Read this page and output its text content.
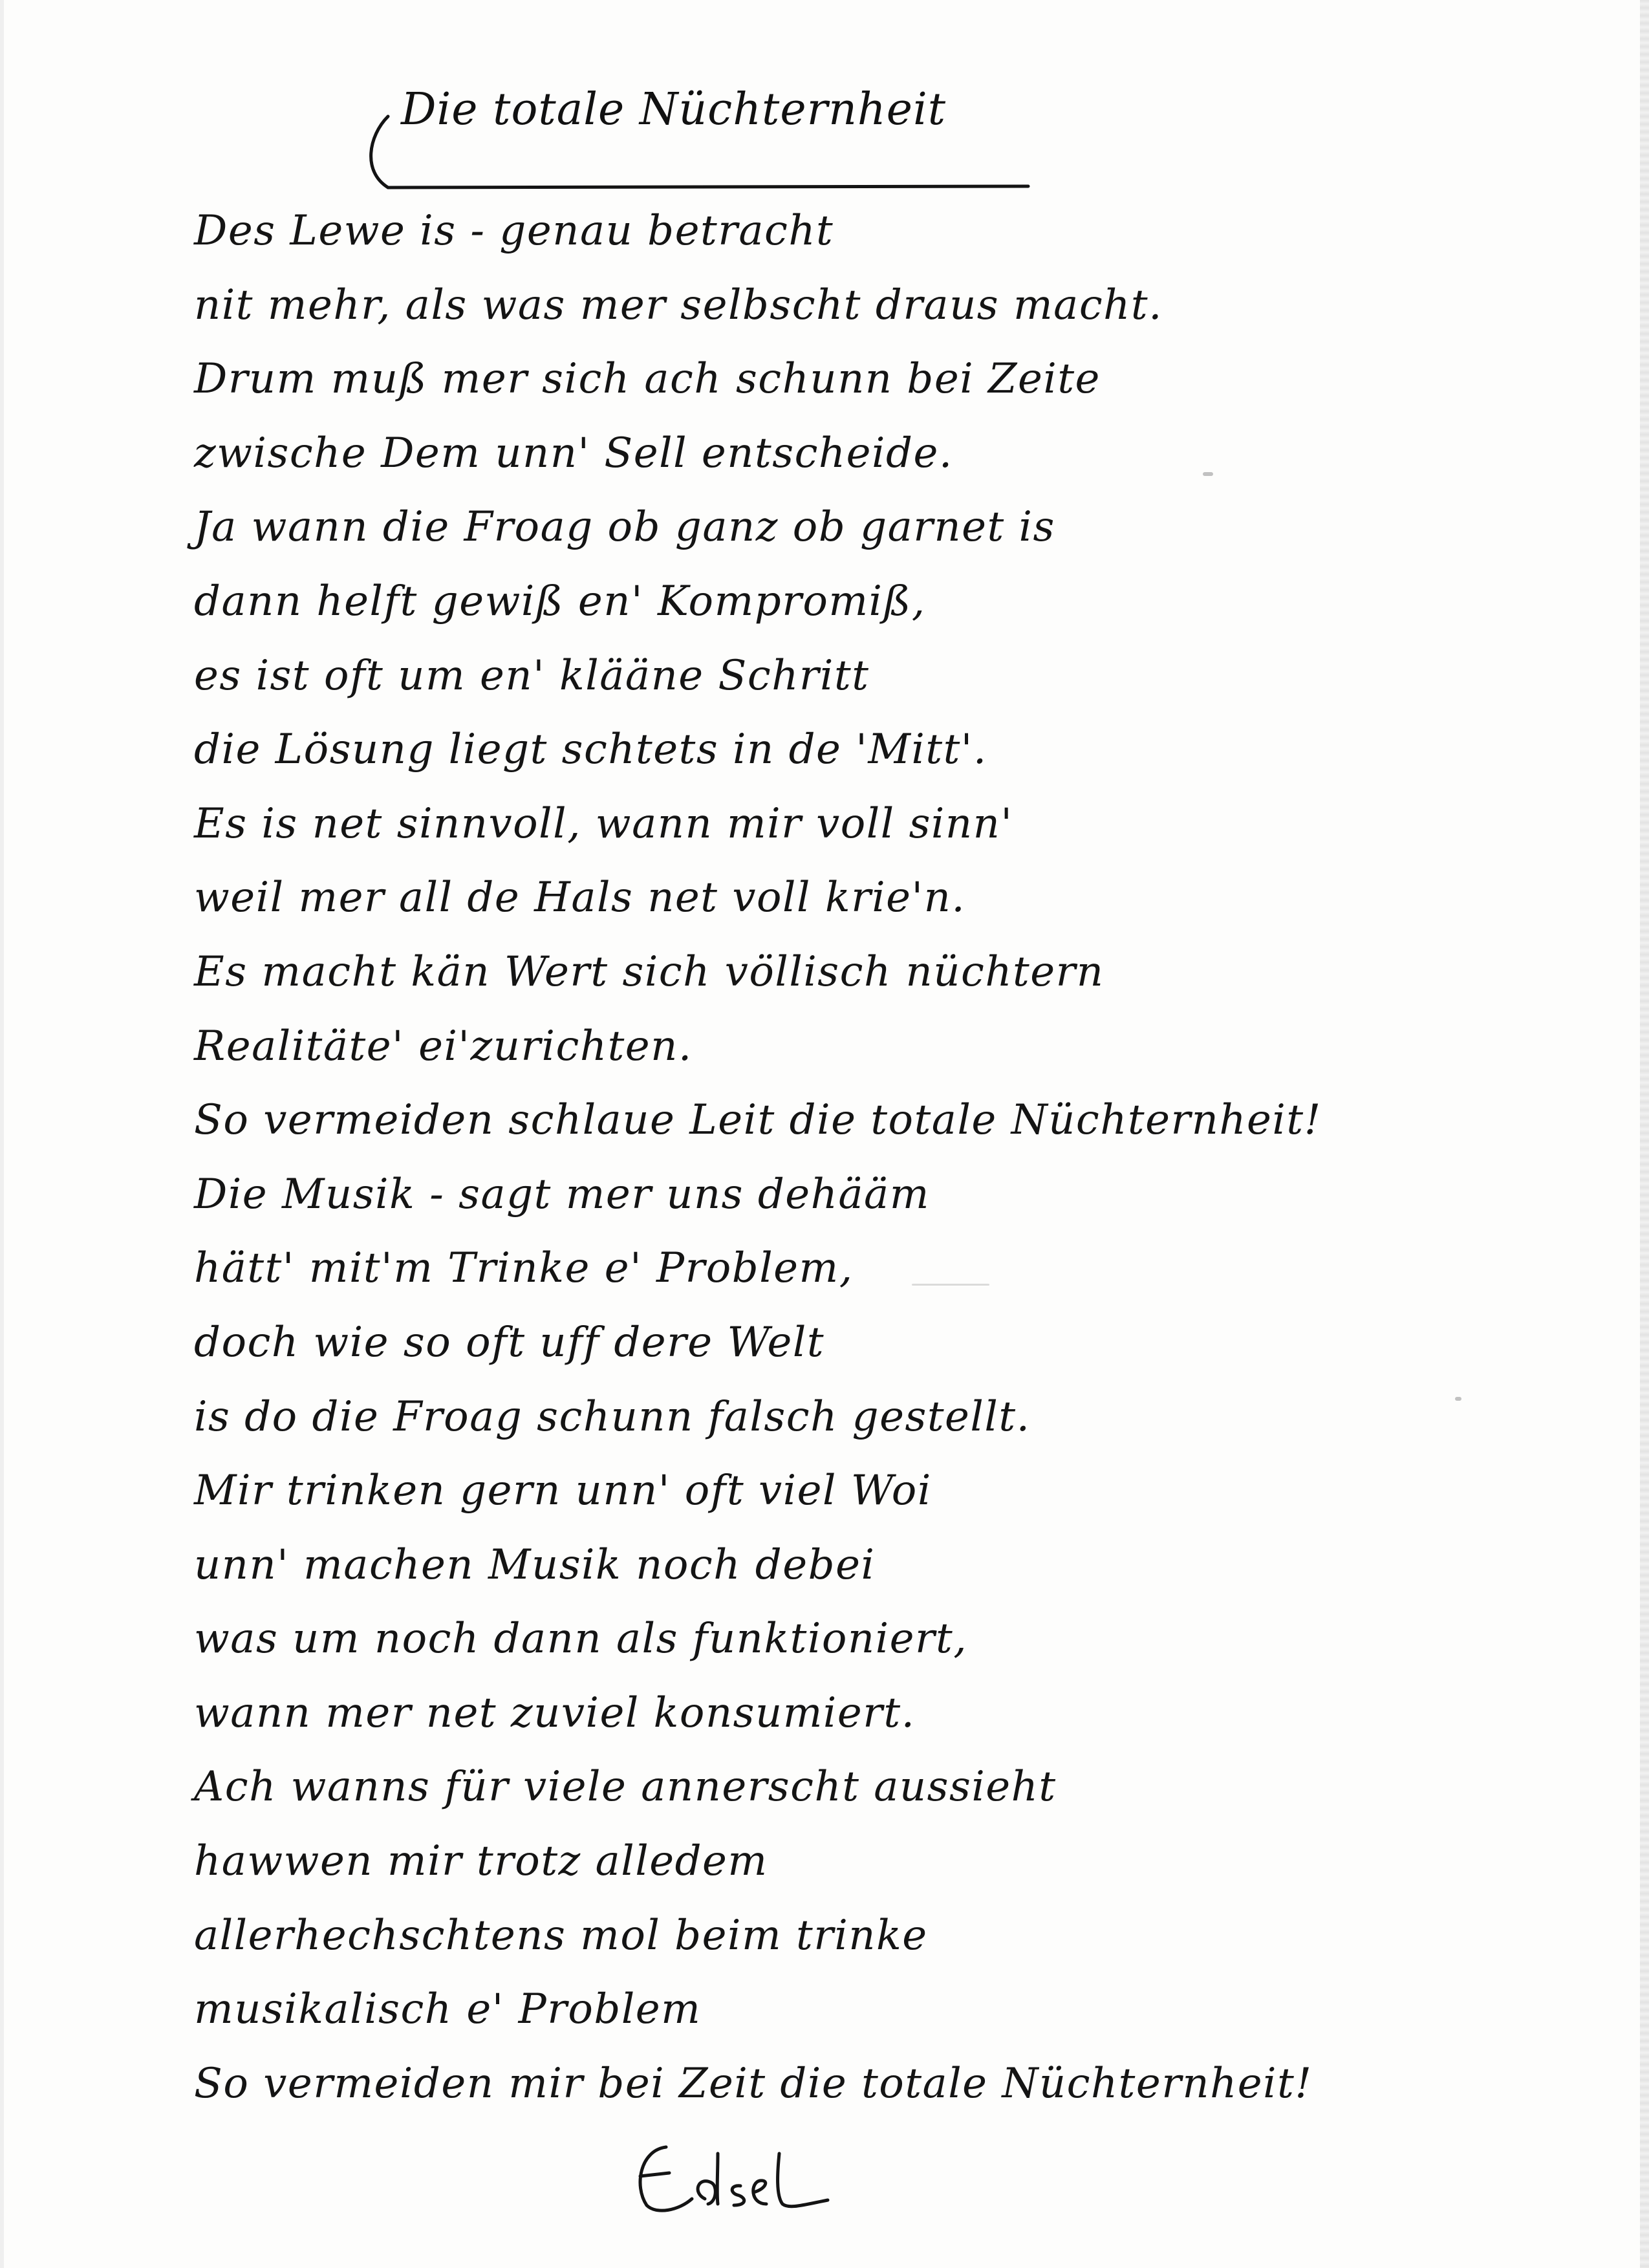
Die totale Nüchternheit
Des Lewe is - genau betracht
nit mehr, als was mer selbscht draus macht.
Drum muß mer sich ach schunn bei Zeite
zwische Dem unn' Sell entscheide.
Ja wann die Froag ob ganz ob garnet is
dann helft gewiß en' Kompromiß,
es ist oft um en' klääne Schritt
die Lösung liegt schtets in de 'Mitt'.
Es is net sinnvoll, wann mir voll sinn'
weil mer all de Hals net voll krie'n.
Es macht kän Wert sich völlisch nüchtern
Realitäte' ei'zurichten.
So vermeiden schlaue Leit die totale Nüchternheit!
Die Musik - sagt mer uns dehääm
hätt' mit'm Trinke e' Problem,
doch wie so oft uff dere Welt
is do die Froag schunn falsch gestellt.
Mir trinken gern unn' oft viel Woi
unn' machen Musik noch debei
was um noch dann als funktioniert,
wann mer net zuviel konsumiert.
Ach wanns für viele annerscht aussieht
hawwen mir trotz alledem
allerhechschtens mol beim trinke
musikalisch e' Problem
So vermeiden mir bei Zeit die totale Nüchternheit!
